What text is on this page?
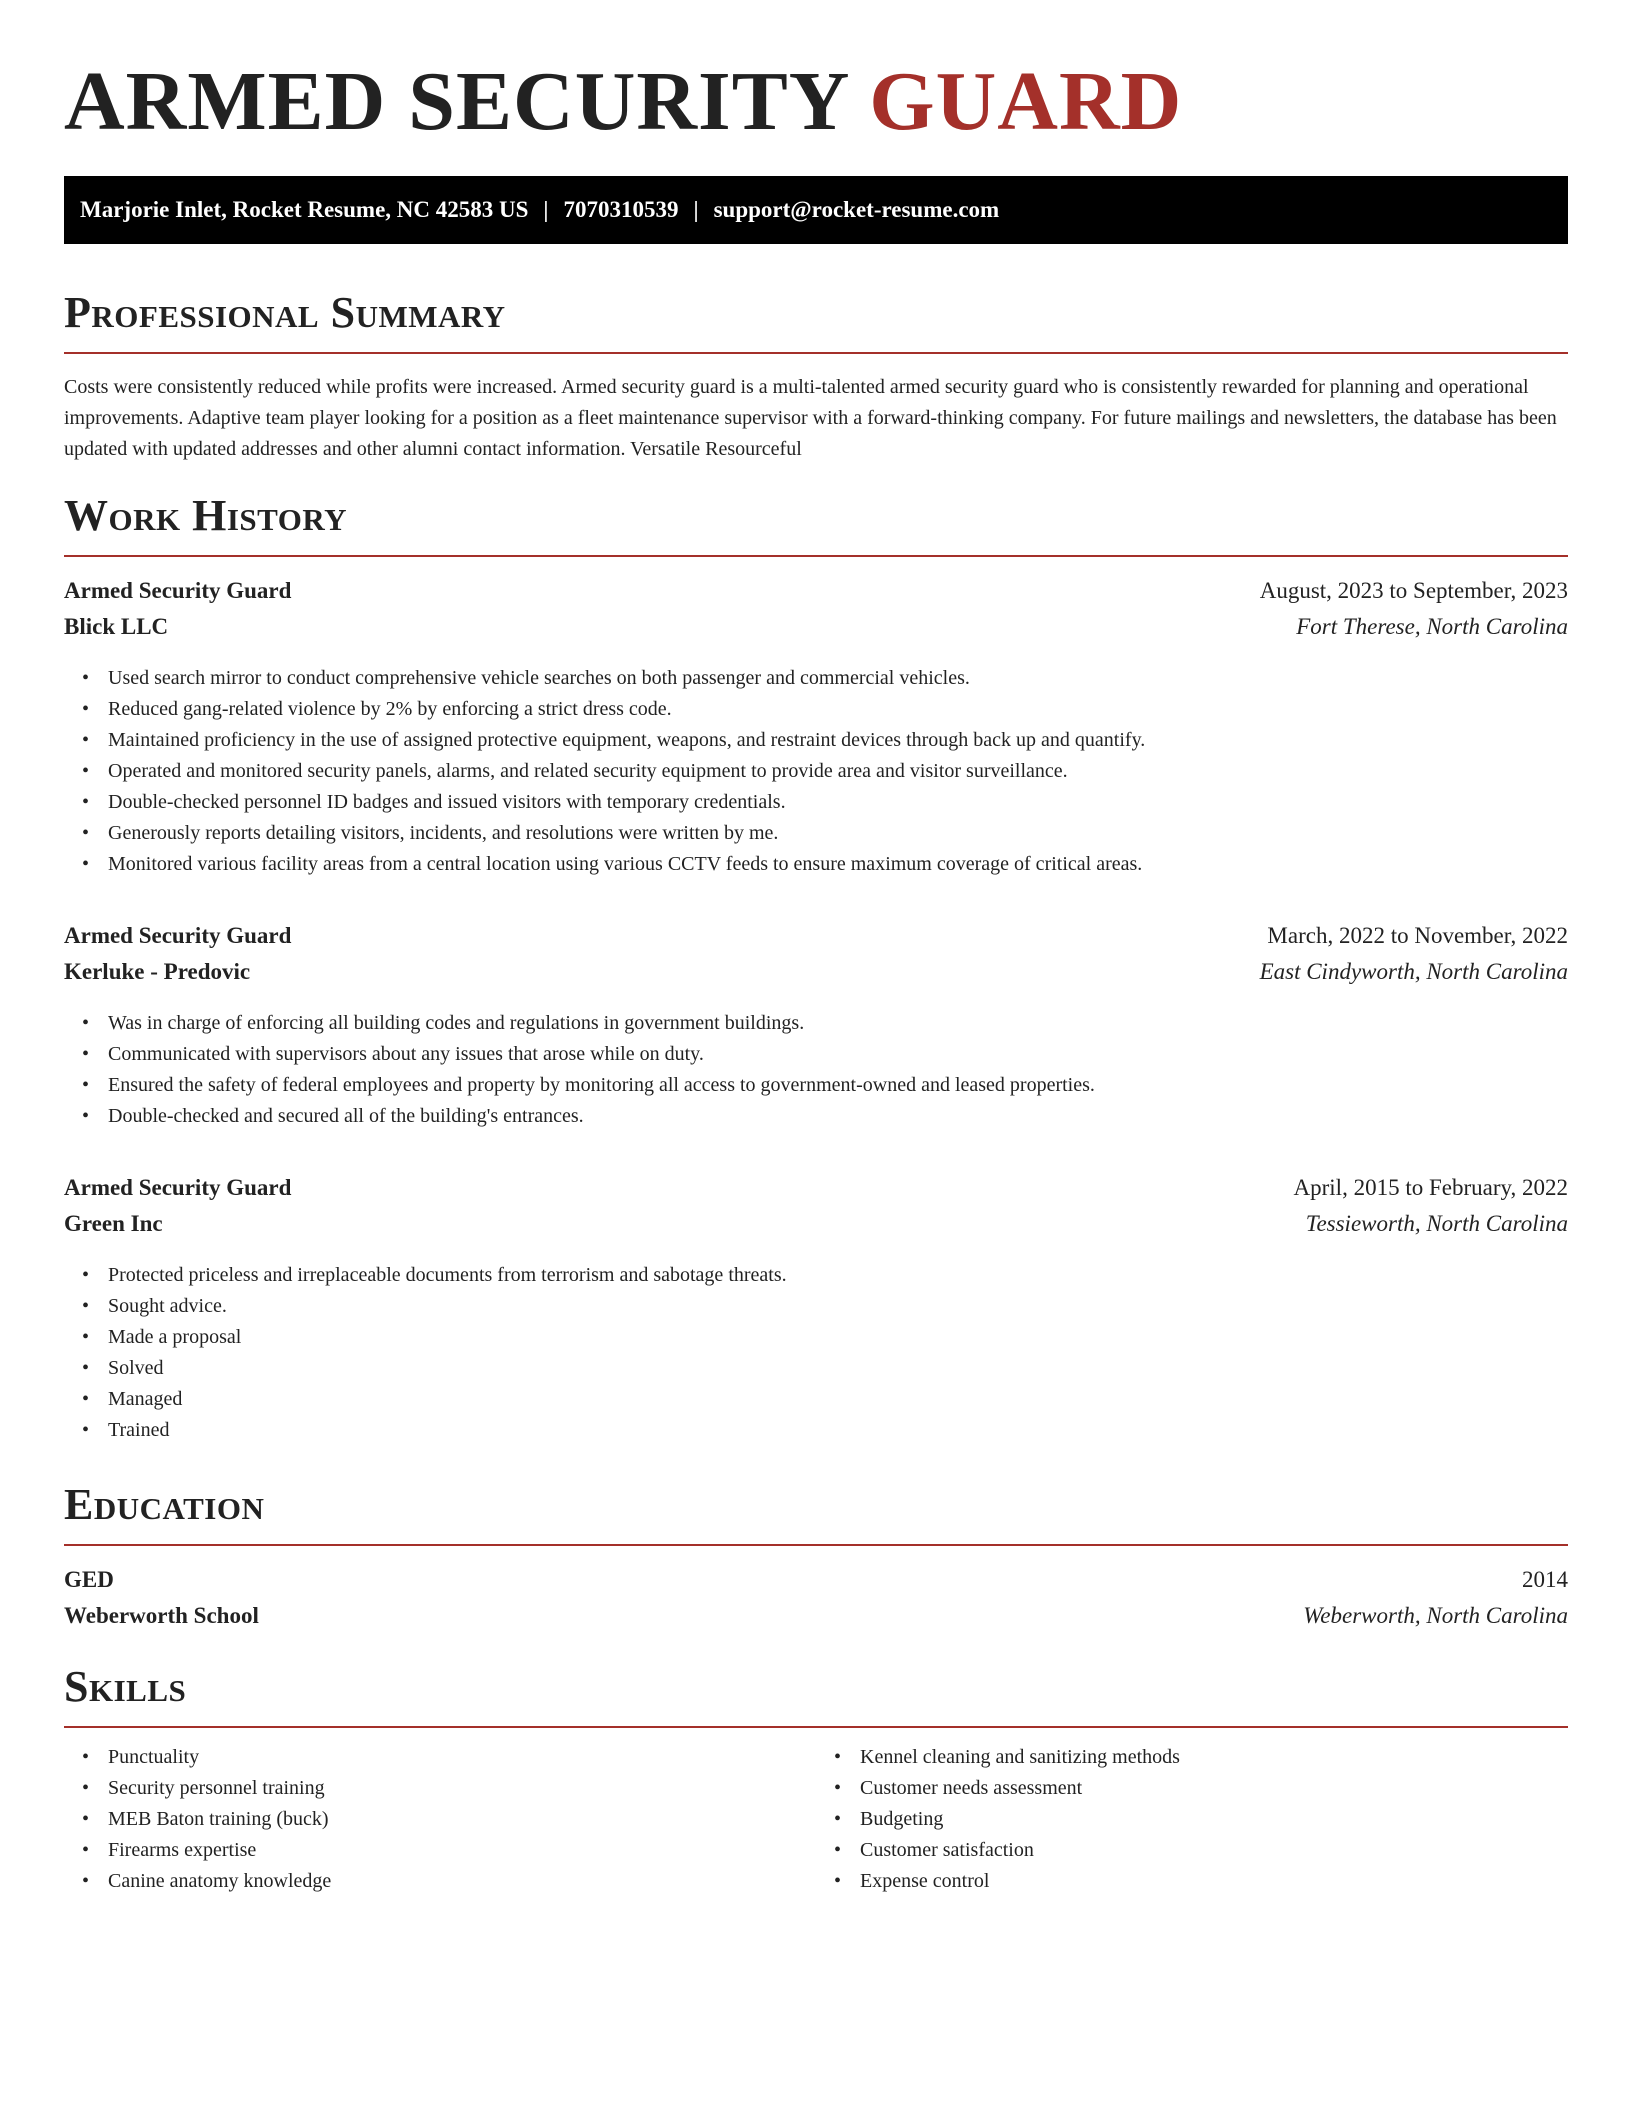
ARMED SECURITY GUARD
Marjorie Inlet, Rocket Resume, NC 42583 US | 7070310539 | support@rocket-resume.com
Professional Summary

Costs were consistently reduced while profits were increased. Armed security guard is a multi-talented armed security guard who is consistently rewarded for planning and operational improvements. Adaptive team player looking for a position as a fleet maintenance supervisor with a forward-thinking company. For future mailings and newsletters, the database has been updated with updated addresses and other alumni contact information. Versatile Resourceful

Work History
Armed Security Guard	August, 2023 to September, 2023
Blick LLC	Fort Therese, North Carolina
• Used search mirror to conduct comprehensive vehicle searches on both passenger and commercial vehicles.
• Reduced gang-related violence by 2% by enforcing a strict dress code.
• Maintained proficiency in the use of assigned protective equipment, weapons, and restraint devices through back up and quantify.
• Operated and monitored security panels, alarms, and related security equipment to provide area and visitor surveillance.
• Double-checked personnel ID badges and issued visitors with temporary credentials.
• Generously reports detailing visitors, incidents, and resolutions were written by me.
• Monitored various facility areas from a central location using various CCTV feeds to ensure maximum coverage of critical areas.
Armed Security Guard	March, 2022 to November, 2022
Kerluke - Predovic	East Cindyworth, North Carolina
• Was in charge of enforcing all building codes and regulations in government buildings.
• Communicated with supervisors about any issues that arose while on duty.
• Ensured the safety of federal employees and property by monitoring all access to government-owned and leased properties.
• Double-checked and secured all of the building's entrances.
Armed Security Guard	April, 2015 to February, 2022
Green Inc	Tessieworth, North Carolina
• Protected priceless and irreplaceable documents from terrorism and sabotage threats.
• Sought advice.
• Made a proposal
• Solved
• Managed
• Trained
Education
GED	2014
Weberworth School	Weberworth, North Carolina
Skills
• Punctuality
• Security personnel training
• MEB Baton training (buck)
• Firearms expertise
• Canine anatomy knowledge
• Kennel cleaning and sanitizing methods
• Customer needs assessment
• Budgeting
• Customer satisfaction
• Expense control
